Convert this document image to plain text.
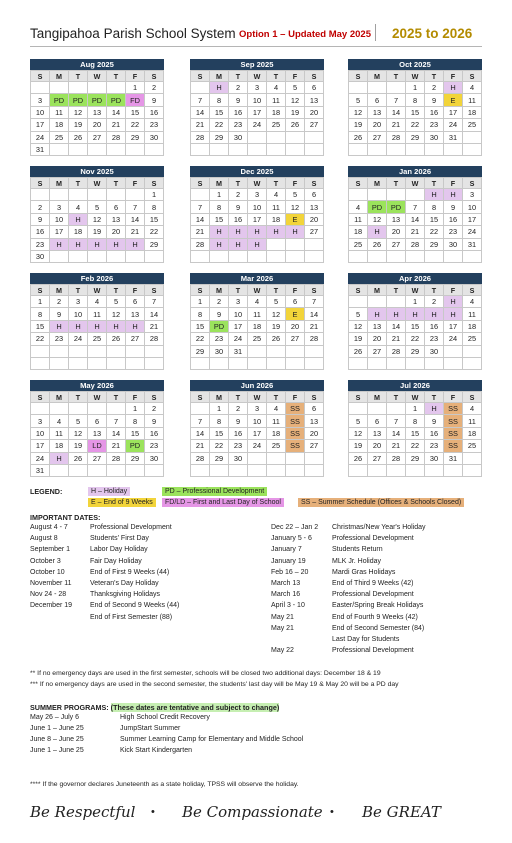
Tangipahoa Parish School System Option 1 – Updated May 2025 2025 to 2026
Aug 2025
S	M	T	W	T	F	S
					1	2
3	PD	PD	PD	PD	FD	9
10	11	12	13	14	15	16
17	18	19	20	21	22	23
24	25	26	27	28	29	30
31						
Sep 2025
S	M	T	W	T	F	S
	H	2	3	4	5	6
7	8	9	10	11	12	13
14	15	16	17	18	19	20
21	22	23	24	25	26	27
28	29	30				

Oct 2025
S	M	T	W	T	F	S
			1	2	H	4
5	6	7	8	9	E	11
12	13	14	15	16	17	18
19	20	21	22	23	24	25
26	27	28	29	30	31	

Nov 2025
S	M	T	W	T	F	S
						1
2	3	4	5	6	7	8
9	10	H	12	13	14	15
16	17	18	19	20	21	22
23	H	H	H	H	H	29
30						
Dec 2025
S	M	T	W	T	F	S
	1	2	3	4	5	6
7	8	9	10	11	12	13
14	15	16	17	18	E	20
21	H	H	H	H	H	27
28	H	H	H			

Jan 2026
S	M	T	W	T	F	S
				H	H	3
4	PD	PD	7	8	9	10
11	12	13	14	15	16	17
18	H	20	21	22	23	24
25	26	27	28	29	30	31

Feb 2026
S	M	T	W	T	F	S
1	2	3	4	5	6	7
8	9	10	11	12	13	14
15	H	H	H	H	H	21
22	23	24	25	26	27	28

Mar 2026
S	M	T	W	T	F	S
1	2	3	4	5	6	7
8	9	10	11	12	E	14
15	PD	17	18	19	20	21
22	23	24	25	26	27	28
29	30	31				

Apr 2026
S	M	T	W	T	F	S
			1	2	H	4
5	H	H	H	H	H	11
12	13	14	15	16	17	18
19	20	21	22	23	24	25
26	27	28	29	30		

May 2026
S	M	T	W	T	F	S
					1	2
3	4	5	6	7	8	9
10	11	12	13	14	15	16
17	18	19	LD	21	PD	23
24	H	26	27	28	29	30
31						
Jun 2026
S	M	T	W	T	F	S
	1	2	3	4	SS	6
7	8	9	10	11	SS	13
14	15	16	17	18	SS	20
21	22	23	24	25	SS	27
28	29	30				

Jul 2026
S	M	T	W	T	F	S
			1	H	SS	4
5	6	7	8	9	SS	11
12	13	14	15	16	SS	18
19	20	21	22	23	SS	25
26	27	28	29	30	31	

LEGEND:	H – Holiday	PD – Professional Development
E – End of 9 Weeks	FD/LD – First and Last Day of School	SS – Summer Schedule (Offices & Schools Closed)
IMPORTANT DATES:
August 4 - 7	Professional Development
August 8	Students' First Day
September 1	Labor Day Holiday
October 3	Fair Day Holiday
October 10	End of First 9 Weeks (44)
November 11	Veteran's Day Holiday
Nov 24 - 28	Thanksgiving Holidays
December 19	End of Second 9 Weeks (44)
End of First Semester (88)
Dec 22 – Jan 2 Christmas/New Year's Holiday
January 5 - 6	Professional Development
January 7	Students Return
January 19	MLK Jr. Holiday
Feb 16 – 20	Mardi Gras Holidays
March 13	End of Third 9 Weeks (42)
March 16	Professional Development
April 3 - 10	Easter/Spring Break Holidays
May 21	End of Fourth 9 Weeks (42)
May 21	End of Second Semester (84)
Last Day for Students
May 22	Professional Development
** If no emergency days are used in the first semester, schools will be closed two additional days: December 18 & 19
*** If no emergency days are used in the second semester, the students' last day will be May 19 & May 20 will be a PD day
SUMMER PROGRAMS: (These dates are tentative and subject to change)
May 26 – July 6	High School Credit Recovery
June 1 – June 25	JumpStart Summer
June 8 – June 25	Summer Learning Camp for Elementary and Middle School
June 1 – June 25	Kick Start Kindergarten
**** If the governor declares Juneteenth as a state holiday, TPSS will observe the holiday.
Be Respectful • Be Compassionate • Be GREAT
